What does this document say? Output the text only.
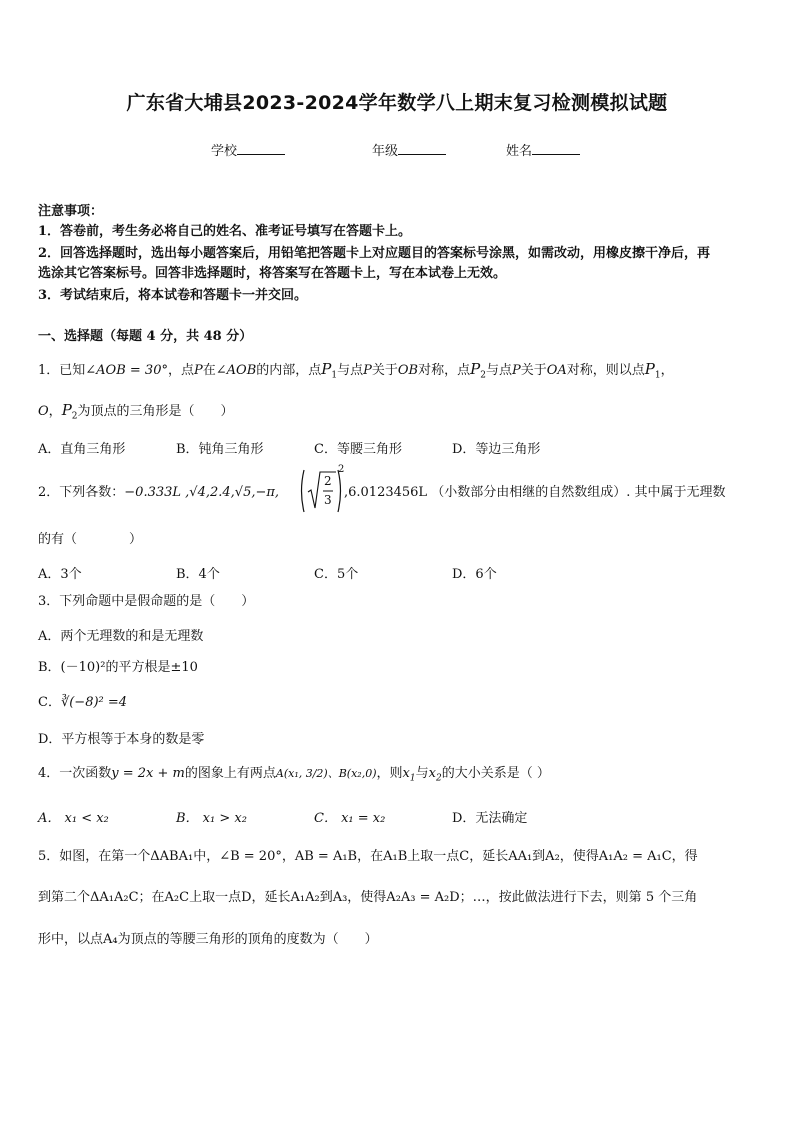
广东省大埔县2023-2024学年数学八上期末复习检测模拟试题
学校	年级	姓名
注意事项：
1．答卷前，考生务必将自己的姓名、准考证号填写在答题卡上。
2．回答选择题时，选出每小题答案后，用铅笔把答题卡上对应题目的答案标号涂黑，如需改动，用橡皮擦干净后，再
选涂其它答案标号。回答非选择题时，将答案写在答题卡上，写在本试卷上无效。
3．考试结束后，将本试卷和答题卡一并交回。
一、选择题（每题 4 分，共 48 分）
1．已知∠AOB = 30°，点P在∠AOB的内部，点$P_1$与点P关于OB对称，点$P_2$与点P关于OA对称，则以点$P_1$，
O，$P_2$为顶点的三角形是（　　）
A．直角三角形	B．钝角三角形	C．等腰三角形	D．等边三角形
2．下列各数：−0.333L ,√4,2.4,√5,−π,
2
3
2
,6.0123456L （小数部分由相继的自然数组成）. 其中属于无理数
的有（　　　　）
A．3个	B．4个	C．5个	D．6个
3．下列命题中是假命题的是（　　）
A．两个无理数的和是无理数
B．(－10)²的平方根是±10
C．∛(−8)² =4
D．平方根等于本身的数是零
4．一次函数y = 2x + m的图象上有两点A(x₁, 3/2)、B(x₂,0)，则$x_1$与$x_2$的大小关系是（ ）
A． x₁ < x₂	B． x₁ > x₂	C． x₁ = x₂	D．无法确定
5．如图，在第一个ΔABA₁中，∠B = 20°，AB = A₁B，在A₁B上取一点C，延长AA₁到A₂，使得A₁A₂ = A₁C，得
到第二个ΔA₁A₂C；在A₂C上取一点D，延长A₁A₂到A₃，使得A₂A₃ = A₂D；…，按此做法进行下去，则第 5 个三角
形中，以点A₄为顶点的等腰三角形的顶角的度数为（　　）
